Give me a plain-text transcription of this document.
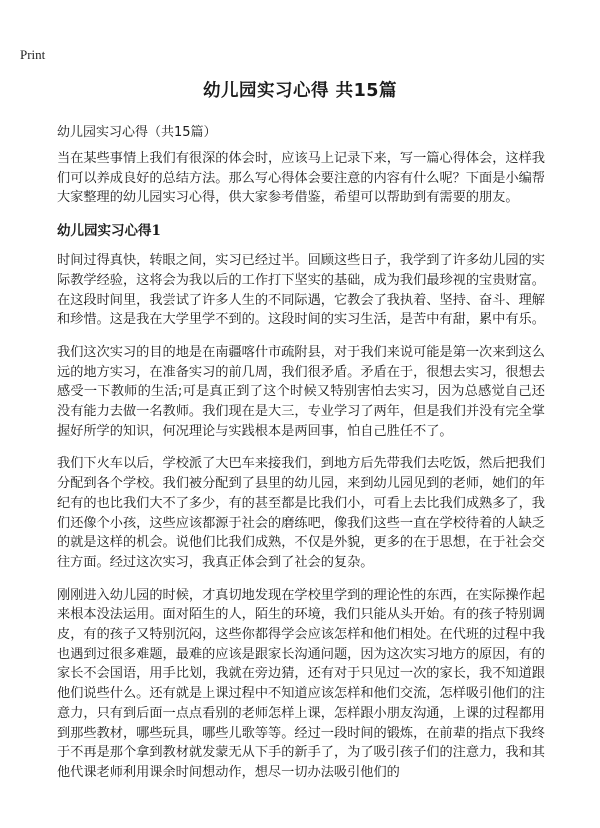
Print
幼儿园实习心得 共15篇
幼儿园实习心得（共15篇）

当在某些事情上我们有很深的体会时，应该马上记录下来，写一篇心得体会，这样我们可以养成良好的总结方法。那么写心得体会要注意的内容有什么呢？下面是小编帮大家整理的幼儿园实习心得，供大家参考借鉴，希望可以帮助到有需要的朋友。

幼儿园实习心得1

时间过得真快，转眼之间，实习已经过半。回顾这些日子，我学到了许多幼儿园的实际教学经验，这将会为我以后的工作打下坚实的基础，成为我们最珍视的宝贵财富。在这段时间里，我尝试了许多人生的不同际遇，它教会了我执着、坚持、奋斗、理解和珍惜。这是我在大学里学不到的。这段时间的实习生活，是苦中有甜，累中有乐。

我们这次实习的目的地是在南疆喀什市疏附县，对于我们来说可能是第一次来到这么远的地方实习，在准备实习的前几周，我们很矛盾。矛盾在于，很想去实习，很想去感受一下教师的生活;可是真正到了这个时候又特别害怕去实习，因为总感觉自己还没有能力去做一名教师。我们现在是大三，专业学习了两年，但是我们并没有完全掌握好所学的知识，何况理论与实践根本是两回事，怕自己胜任不了。

我们下火车以后，学校派了大巴车来接我们，到地方后先带我们去吃饭，然后把我们分配到各个学校。我们被分配到了县里的幼儿园，来到幼儿园见到的老师，她们的年纪有的也比我们大不了多少，有的甚至都是比我们小，可看上去比我们成熟多了，我们还像个小孩，这些应该都源于社会的磨练吧，像我们这些一直在学校待着的人缺乏的就是这样的机会。说他们比我们成熟，不仅是外貌，更多的在于思想，在于社会交往方面。经过这次实习，我真正体会到了社会的复杂。

刚刚进入幼儿园的时候，才真切地发现在学校里学到的理论性的东西，在实际操作起来根本没法运用。面对陌生的人，陌生的环境，我们只能从头开始。有的孩子特别调皮，有的孩子又特别沉闷，这些你都得学会应该怎样和他们相处。在代班的过程中我也遇到过很多难题，最难的应该是跟家长沟通问题，因为这次实习地方的原因，有的家长不会国语，用手比划，我就在旁边猜，还有对于只见过一次的家长，我不知道跟他们说些什么。还有就是上课过程中不知道应该怎样和他们交流，怎样吸引他们的注意力，只有到后面一点点看别的老师怎样上课，怎样跟小朋友沟通，上课的过程都用到那些教材，哪些玩具，哪些儿歌等等。经过一段时间的锻炼，在前辈的指点下我终于不再是那个拿到教材就发蒙无从下手的新手了，为了吸引孩子们的注意力，我和其他代课老师利用课余时间想动作，想尽一切办法吸引他们的
